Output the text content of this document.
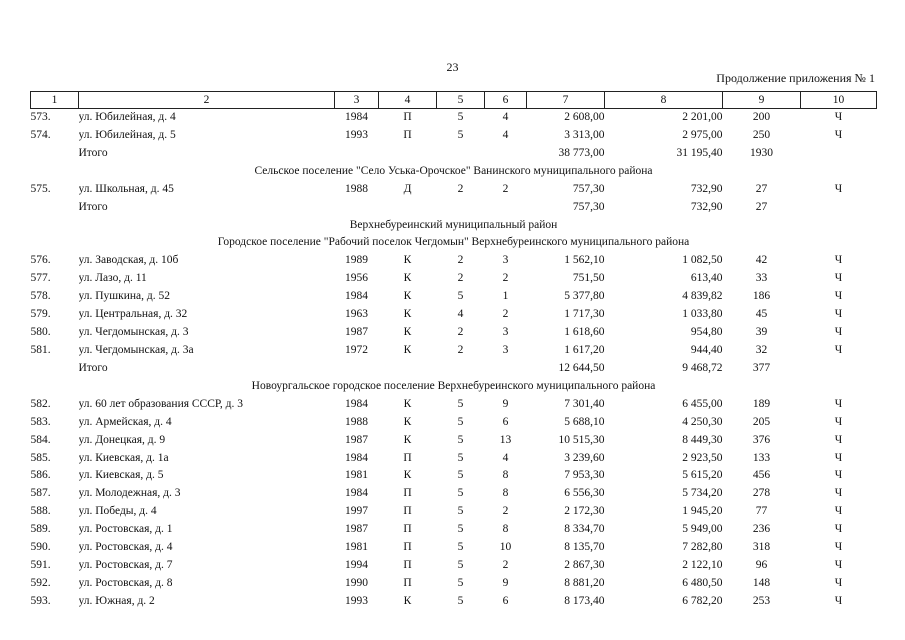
23
Продолжение приложения № 1
1	2	3	4	5	6	7	8	9	10
573.	ул. Юбилейная, д. 4	1984	П	5	4	2 608,00	2 201,00	200	Ч
574.	ул. Юбилейная, д. 5	1993	П	5	4	3 313,00	2 975,00	250	Ч
	Итого					38 773,00	31 195,40	1930	
Сельское поселение "Село Уська-Орочское" Ванинского муниципального района									
575.	ул. Школьная, д. 45	1988	Д	2	2	757,30	732,90	27	Ч
	Итого					757,30	732,90	27	
Верхнебуреинский муниципальный район									
Городское поселение "Рабочий поселок Чегдомын" Верхнебуреинского муниципального района									
576.	ул. Заводская, д. 10б	1989	К	2	3	1 562,10	1 082,50	42	Ч
577.	ул. Лазо, д. 11	1956	К	2	2	751,50	613,40	33	Ч
578.	ул. Пушкина, д. 52	1984	К	5	1	5 377,80	4 839,82	186	Ч
579.	ул. Центральная, д. 32	1963	К	4	2	1 717,30	1 033,80	45	Ч
580.	ул. Чегдомынская, д. 3	1987	К	2	3	1 618,60	954,80	39	Ч
581.	ул. Чегдомынская, д. 3а	1972	К	2	3	1 617,20	944,40	32	Ч
	Итого					12 644,50	9 468,72	377	
Новоургальское городское поселение Верхнебуреинского муниципального района									
582.	ул. 60 лет образования СССР, д. 3	1984	К	5	9	7 301,40	6 455,00	189	Ч
583.	ул. Армейская, д. 4	1988	К	5	6	5 688,10	4 250,30	205	Ч
584.	ул. Донецкая, д. 9	1987	К	5	13	10 515,30	8 449,30	376	Ч
585.	ул. Киевская, д. 1а	1984	П	5	4	3 239,60	2 923,50	133	Ч
586.	ул. Киевская, д. 5	1981	К	5	8	7 953,30	5 615,20	456	Ч
587.	ул. Молодежная, д. 3	1984	П	5	8	6 556,30	5 734,20	278	Ч
588.	ул. Победы, д. 4	1997	П	5	2	2 172,30	1 945,20	77	Ч
589.	ул. Ростовская, д. 1	1987	П	5	8	8 334,70	5 949,00	236	Ч
590.	ул. Ростовская, д. 4	1981	П	5	10	8 135,70	7 282,80	318	Ч
591.	ул. Ростовская, д. 7	1994	П	5	2	2 867,30	2 122,10	96	Ч
592.	ул. Ростовская, д. 8	1990	П	5	9	8 881,20	6 480,50	148	Ч
593.	ул. Южная, д. 2	1993	К	5	6	8 173,40	6 782,20	253	Ч
